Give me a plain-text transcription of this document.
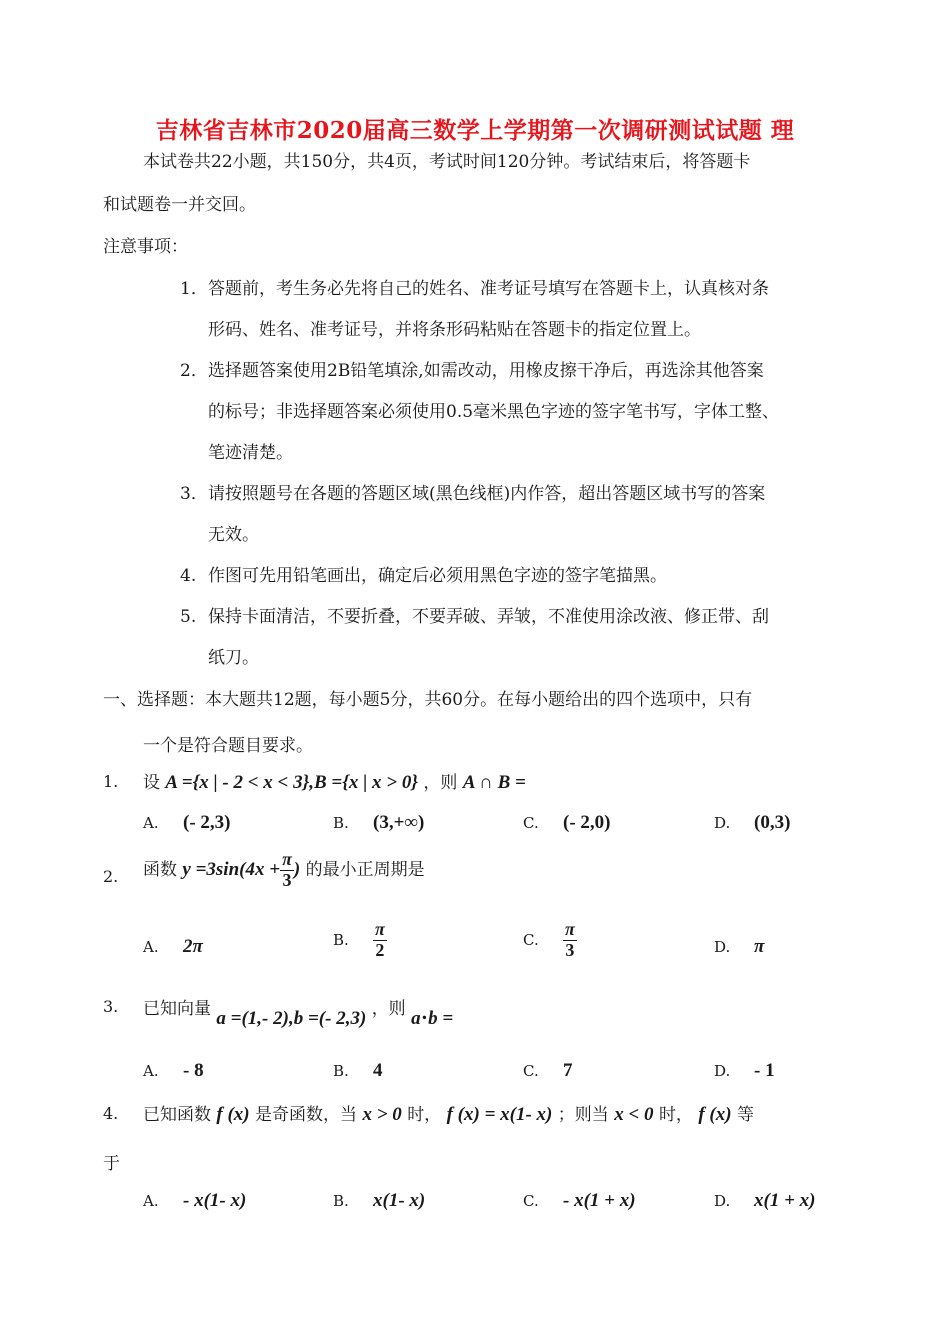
吉林省吉林市2020届高三数学上学期第一次调研测试试题 理
本试卷共22小题，共150分，共4页，考试时间120分钟。考试结束后，将答题卡
和试题卷一并交回。
注意事项：
1．答题前，考生务必先将自己的姓名、准考证号填写在答题卡上，认真核对条
形码、姓名、准考证号，并将条形码粘贴在答题卡的指定位置上。
2．选择题答案使用2B铅笔填涂,如需改动，用橡皮擦干净后，再选涂其他答案
的标号；非选择题答案必须使用0.5毫米黑色字迹的签字笔书写，字体工整、
笔迹清楚。
3．请按照题号在各题的答题区域(黑色线框)内作答，超出答题区域书写的答案
无效。
4. 作图可先用铅笔画出，确定后必须用黑色字迹的签字笔描黑。
5. 保持卡面清洁，不要折叠，不要弄破、弄皱，不准使用涂改液、修正带、刮
纸刀。
一、选择题：本大题共12题，每小题5分，共60分。在每小题给出的四个选项中，只有
一个是符合题目要求。
1. 设 A ={x | - 2 < x < 3},B ={x | x > 0} ，则 A ∩ B =
A. (- 2,3)	B. (3,+∞)	C. (- 2,0)	D. (0,3)
2. 函数 $y =3\sin(4x + \frac{\pi}{3}$ ) 的最小正周期是
A. 2π	B. $\frac{\pi}{2}$	C. $\frac{\pi}{3}$	D. π
3. 已知向量 a =(1,- 2),b =(- 2,3) ，则 a⋅b =
A. - 8	B. 4	C. 7	D. - 1
4. 已知函数 f (x) 是奇函数，当 x > 0 时， f (x) = x(1- x) ；则当 x < 0 时， f (x) 等
于
A. - x(1- x)	B. x(1- x)	C. - x(1 + x)	D. x(1 + x)
